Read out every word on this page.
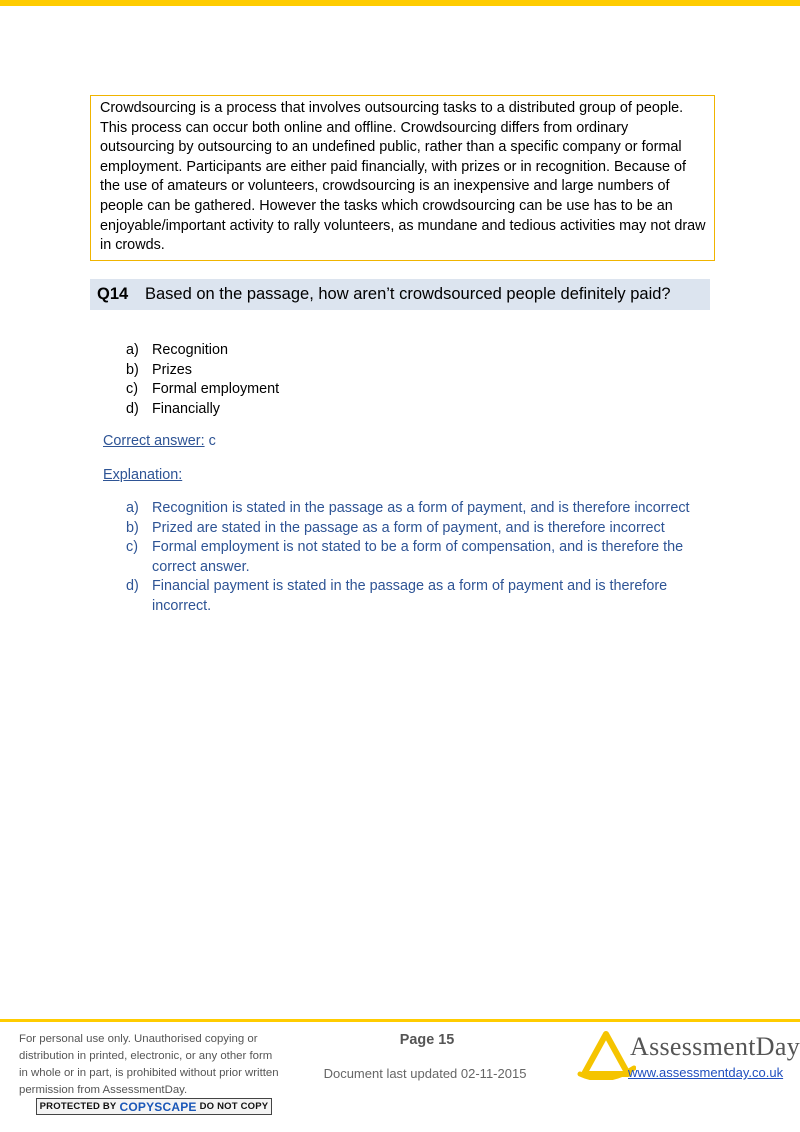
Crowdsourcing is a process that involves outsourcing tasks to a distributed group of people. This process can occur both online and offline. Crowdsourcing differs from ordinary outsourcing by outsourcing to an undefined public, rather than a specific company or formal employment. Participants are either paid financially, with prizes or in recognition. Because of the use of amateurs or volunteers, crowdsourcing is an inexpensive and large numbers of people can be gathered. However the tasks which crowdsourcing can be use has to be an enjoyable/important activity to rally volunteers, as mundane and tedious activities may not draw in crowds.
Q14	Based on the passage, how aren’t crowdsourced people definitely paid?
a) Recognition
b) Prizes
c) Formal employment
d) Financially
Correct answer: c
Explanation:
a) Recognition is stated in the passage as a form of payment, and is therefore incorrect
b) Prized are stated in the passage as a form of payment, and is therefore incorrect
c) Formal employment is not stated to be a form of compensation, and is therefore the correct answer.
d) Financial payment is stated in the passage as a form of payment and is therefore incorrect.
For personal use only. Unauthorised copying or distribution in printed, electronic, or any other form in whole or in part, is prohibited without prior written permission from AssessmentDay.
PROTECTED BY COPYSCAPE DO NOT COPY
Page 15
Document last updated 02-11-2015
AssessmentDay
www.assessmentday.co.uk
